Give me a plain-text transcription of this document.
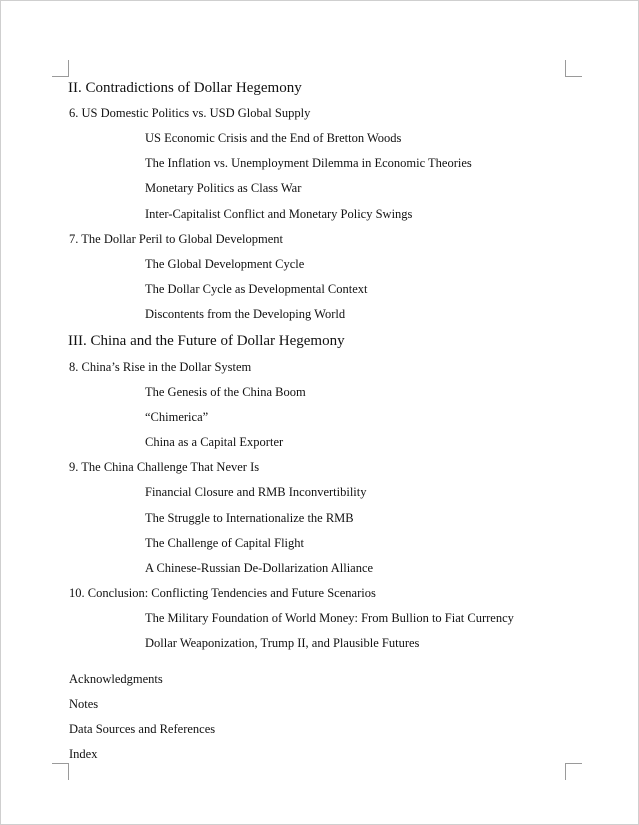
II. Contradictions of Dollar Hegemony
6. US Domestic Politics vs. USD Global Supply
US Economic Crisis and the End of Bretton Woods
The Inflation vs. Unemployment Dilemma in Economic Theories
Monetary Politics as Class War
Inter-Capitalist Conflict and Monetary Policy Swings
7. The Dollar Peril to Global Development
The Global Development Cycle
The Dollar Cycle as Developmental Context
Discontents from the Developing World
III. China and the Future of Dollar Hegemony
8. China’s Rise in the Dollar System
The Genesis of the China Boom
“Chimerica”
China as a Capital Exporter
9. The China Challenge That Never Is
Financial Closure and RMB Inconvertibility
The Struggle to Internationalize the RMB
The Challenge of Capital Flight
A Chinese-Russian De-Dollarization Alliance
10. Conclusion: Conflicting Tendencies and Future Scenarios
The Military Foundation of World Money: From Bullion to Fiat Currency
Dollar Weaponization, Trump II, and Plausible Futures
Acknowledgments
Notes
Data Sources and References
Index
